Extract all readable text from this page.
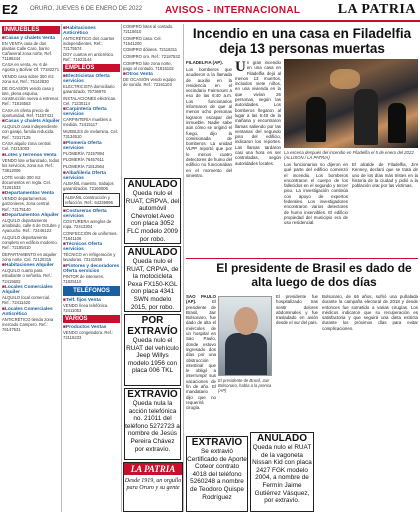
E2 ORURO, JUEVES 6 DE ENERO DE 2022 AVISOS - INTERNACIONAL	LA PATRIA
INMUEBLES
■ Casas y chalets Venta
EN VENTA casa de dos plantas Calle Caro, barrio Cañaveral zona norte, Ref. 71186244
CASA en venta, Av. 6 de Agosto y Bolívar Of. 77182271
VENDO casa sobre 300 m2 zona sur, Ref.: 75142830
DE OCASIÓN vendo casa y lote, plena esquina, construcción nueva a estrenar. Ref.: 71816553
CASA en oferta precio de oportunidad, Ref. 71187421
■ Casas y chalets Alquiler
ALQUILO casa independiente con garaje, familia reducida. Ref.: 72317125
CASA alquilo zona central. Cel. 74213003
■ Lotes y terrenos Venta
VENDO lote urbanizado, todos los servicios, zona sur. Ref.: 73812006
LOTE vendo 300 m2 documentos en regla. Cel. 71261533
■ Departamentos Venta
VENDO departamentos, garzonieres, zona central. Ref.: 72175140
■ Departamentos Alquiler
ALQUILO departamento amoblado, calle 6 de Octubre y Ayacucho. Ref.: 72446122
ALQUILO departamento completo en edificio moderno. Ref.: 72185410
DEPARTAMENTO en alquiler zona norte. Cel. 72120315
■ Habitaciones Alquiler
ALQUILO cuarto para estudiante o señorita. Ref.: 72415602
■ Locales Comerciales Alquiler
ALQUILO local comercial. Ref.: 72411420
■ Locales Comerciales Anticrético
ANTICRÉTICO tienda zona mercado Campero. Ref.: 76147531
■ Habitaciones Anticrético
ANTICRÉTICO dos cuartos independientes. Ref.: 72175574
DOY cuartos en anticrético. Ref.: 71523144
EMPLEOS
■ Electricistas Oferta servicios
ELECTRICISTA domiciliario garantizado. 75736976
INSTALACIONES eléctricas. Cel. 71230114
■ Carpintería Oferta servicios
CARPINTERÍA muebles a medida. 72415117
MUEBLES de melamina. Cel. 73134510
■ Plomería Oferta servicios
PLOMERÍA 72157894
PLOMERÍA 76457611
PLOMERÍA 71812564
■ Albañilería Oferta servicios
ALBAÑIL maestro, trabajos garantizados. 72160006
ALBAÑIL construcción y refacción. Ref.: 64235896
■ Costureras Oferta servicios
COSTURERA arreglos de ropa. 72413304
CONFECCIÓN de uniformes. 71841106
■ Técnicos Oferta servicios
TÉCNICO en refrigeración y lavadoras. 73141556
■ Pintores y decoradores Oferta servicios
PINTOR de interiores. 71825110
TELÉFONOS
■ Telf. fijos Venta
VENDO línea telefónica. 72411053
VARIOS
■ Productos Ventas
VENDO congeladora. Ref.: 72116233
COMPRO lotes al contado. 72115610
COMPRO casa. Cel. 71541200
COMPRO dólares. 72116311
COMPRO oro. Ref.: 72187532
COMPRO lote zona norte, pago al contado. 71815102
■ Otros Venta
DE OCASIÓN vendo equipo de sonido. Ref.: 72161103
ANULADO
Queda nulo el RUAT, CRPVA, del automóvil Chevrolet Aveo con placa 3052 FLC modelo 2009 por robo.
ANULADO
Queda nulo el RUAT, CRPVA, de la motocicleta Pexa FX150-KGL con placa 4341 SWN modelo 2015, por robo.
POR EXTRAVÍO
Queda nulo el RUAT del vehículo Jeep Willys modelo 1956 con placa 006 TKL
EXTRAVÍO
Queda nula la acción telefónica no. 21011 del teléfono 5272723 a nombre de Jesús Pereira Chávez por extravío.
LA PATRIA
Desde 1919, un orgullo para Oruro y su gente
EXTRAVÍO
Se extravió Certificado de Aporte Coteor contrato 4018 del teléfono 5260248 a nombre de Teodoro Quispe Rodríguez
ANULADO
Queda nulo el RUAT de la vagoneta Nissan Kid con placa 2427 FGK modelo 2004, a nombre de Fermín Jaime Gutiérrez Vásquez, por extravío.
Incendio en una casa en Filadelfia deja 13 personas muertas
FILADELFIA (AP). Un gran incendio en una casa en Filadelfia dejó al menos 13 muertos, incluidos siete niños, en una vivienda en la que vivían 26 personas, según las autoridades. Los bomberos llegaron al lugar a las 6:40 de la mañana y encontraron llamas saliendo por las ventanas del segundo piso del edificio, indicaron los reportes. Las llamas tardaron casi una hora en ser controladas, según autoridades locales.
Los bomberos que acudieron a la llamada de auxilio en la residencia en el vecindario Fairmount a eso de las 6:40 a.m. Los funcionarios informaron de que al menos ocho personas lograron escapar del inmueble. Nadie sabe aún cómo se originó el fuego, dijo la comisionada de bomberos. La unidad VLPP reportó que por lo menos cuatro detectores de humo del edificio no funcionaban en el momento del siniestro.
La escena después del incendio en Filadelfia el 5 de enero del 2022 (ALLISON / LA PATRIA)
Los funcionarios no dijeron en qué parte del edificio comenzó el incendio. Los bomberos encontraron el cuerpo de los fallecidos en el segundo y tercer piso. La investigación continúa con apoyo de expertos federales. Los investigadores encontraron varios detectores de humo inservibles. El edificio propiedad del municipio era de uso residencial.
El alcalde de Filadelfia, Jim Kenney, declaró que se trata de uno de los días más tristes en la historia de la ciudad y pidió a la población orar por las víctimas.
El presidente de Brasil es dado de alta luego de dos días
SAO PAULO (AP).	El presidente de Brasil, Jair Bolsonaro, fue dado de alta el miércoles de un hospital en Sao Paulo, donde estuvo ingresado dos días por una obstrucción intestinal que le obligó a interrumpir sus vacaciones de fin de año. El mandatario dijo que no requerirá cirugía.
El presidente de Brasil, Jair Bolsonaro, habla a la prensa (AP)
El presidente fue hospitalizado tras sentir dolores abdominales y fue trasladado en avión desde el sur del país.
Bolsonaro, de 66 años, sufrió una puñalada durante la campaña electoral de 2018 y desde entonces fue sometido a varias cirugías. Los médicos indicaron que su recuperación es satisfactoria y que seguirá una dieta estricta durante los próximos días para evitar complicaciones.
